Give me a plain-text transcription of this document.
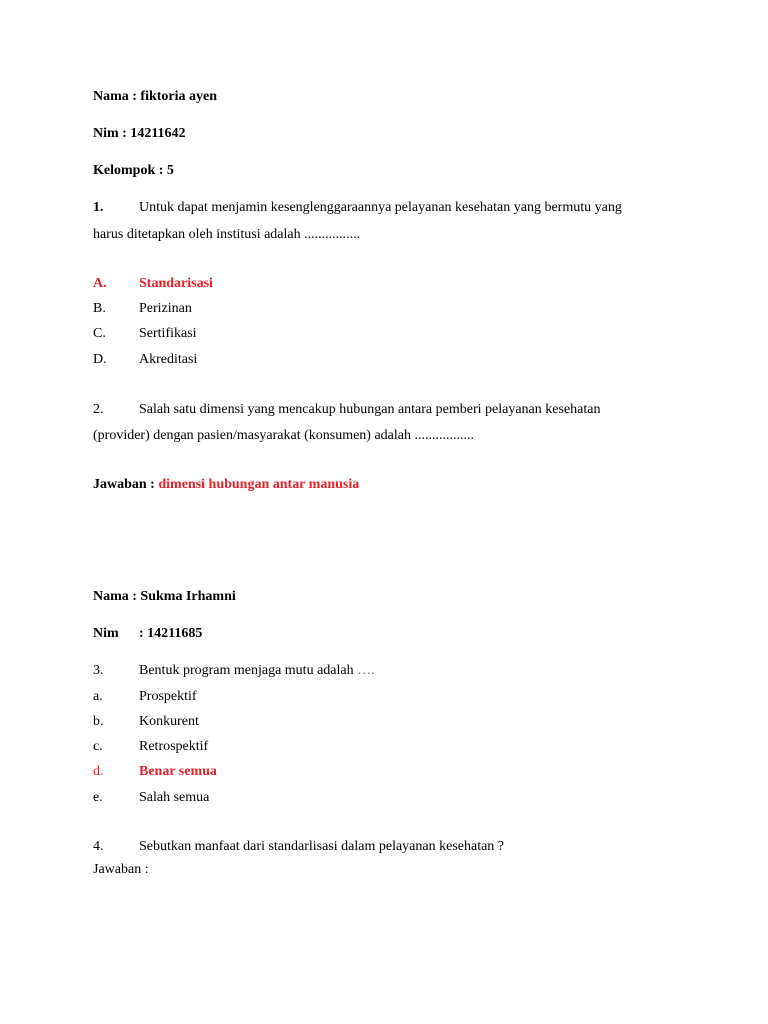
Nama : fiktoria ayen
Nim : 14211642
Kelompok : 5
1.	Untuk dapat menjamin kesenglenggaraannya pelayanan kesehatan yang bermutu yang
harus ditetapkan oleh institusi adalah ................
A. Standarisasi
B. Perizinan
C. Sertifikasi
D. Akreditasi
2.	Salah satu dimensi yang mencakup hubungan antara pemberi pelayanan kesehatan
(provider) dengan pasien/masyarakat (konsumen) adalah .................
Jawaban : dimensi hubungan antar manusia
Nama : Sukma Irhamni
Nim : 14211685
3.	Bentuk program menjaga mutu adalah ….
a.	Prospektif
b.	Konkurent
c.	Retrospektif
d.	Benar semua
e.	Salah semua
4.	Sebutkan manfaat dari standarlisasi dalam pelayanan kesehatan ?
Jawaban :
